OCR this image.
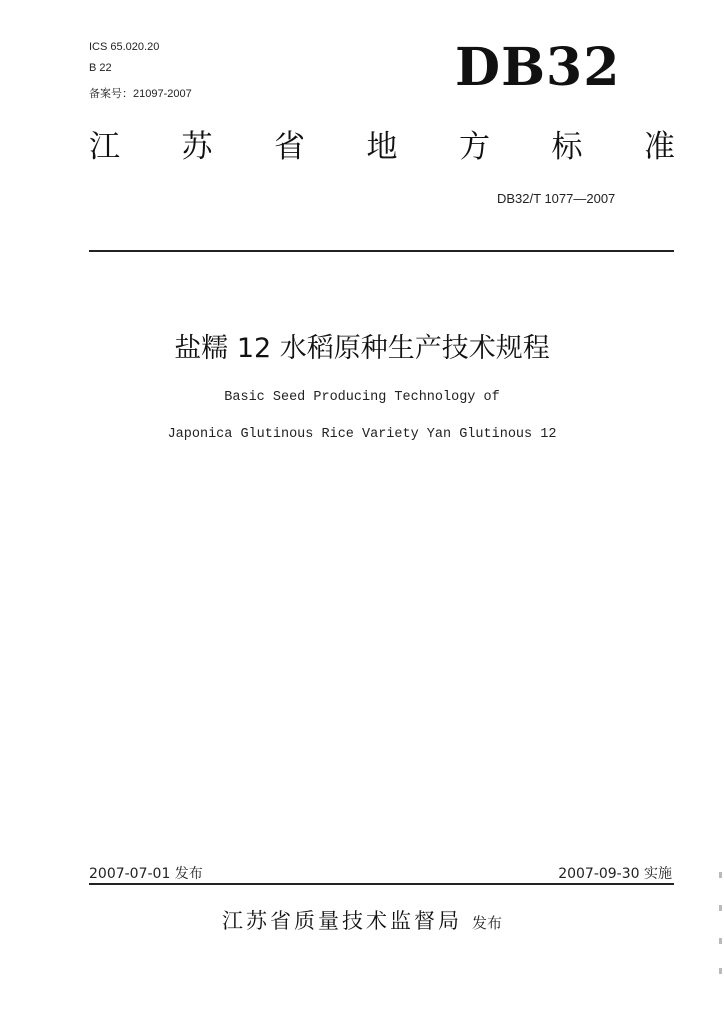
ICS 65.020.20
B 22
备案号：21097-2007	DB32
江 苏 省 地 方 标 准
DB32/T 1077—2007
盐糯 12 水稻原种生产技术规程
Basic Seed Producing Technology of
Japonica Glutinous Rice Variety Yan Glutinous 12
2007-07-01 发布	2007-09-30 实施
江苏省质量技术监督局 发布
